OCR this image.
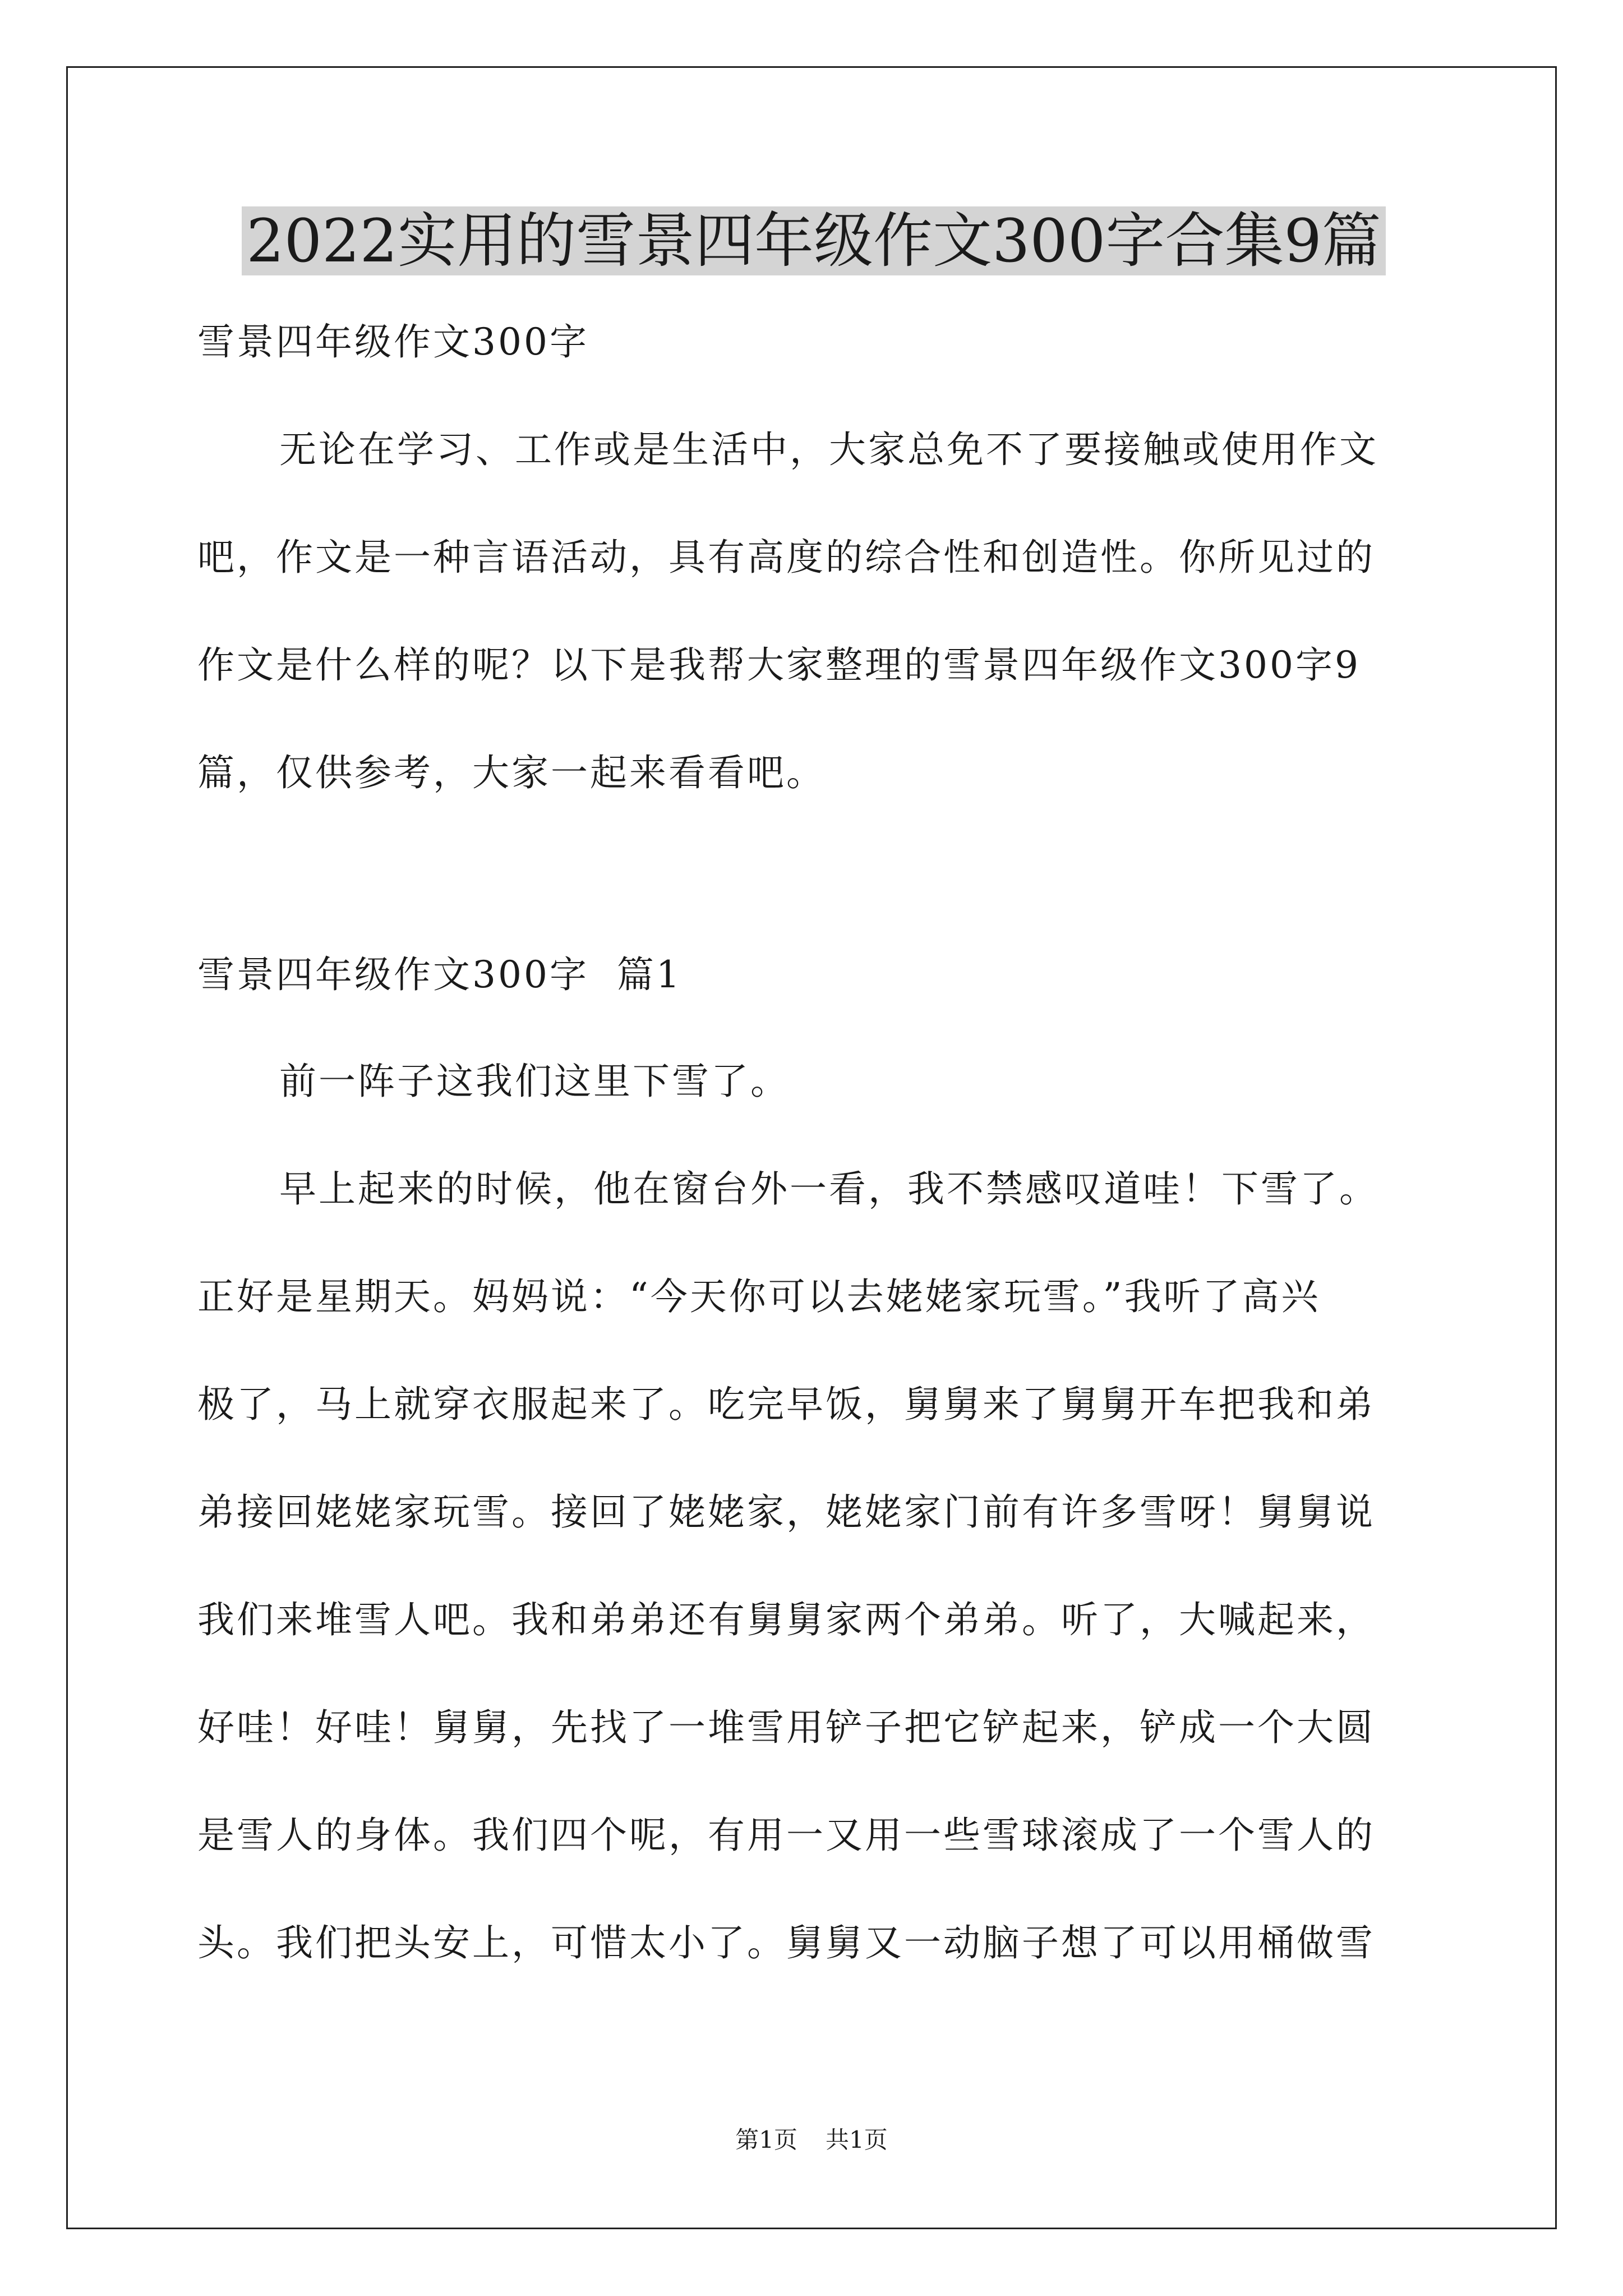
2022实用的雪景四年级作文300字合集9篇
雪景四年级作文300字
无论在学习、工作或是生活中，大家总免不了要接触或使用作文
吧，作文是一种言语活动，具有高度的综合性和创造性。你所见过的
作文是什么样的呢？以下是我帮大家整理的雪景四年级作文300字9
篇，仅供参考，大家一起来看看吧。
雪景四年级作文300字  篇1
前一阵子这我们这里下雪了。
早上起来的时候，他在窗台外一看，我不禁感叹道哇！下雪了。
正好是星期天。妈妈说：“今天你可以去姥姥家玩雪。”我听了高兴
极了，马上就穿衣服起来了。吃完早饭，舅舅来了舅舅开车把我和弟
弟接回姥姥家玩雪。接回了姥姥家，姥姥家门前有许多雪呀！舅舅说
我们来堆雪人吧。我和弟弟还有舅舅家两个弟弟。听了，大喊起来，
好哇！好哇！舅舅，先找了一堆雪用铲子把它铲起来，铲成一个大圆
是雪人的身体。我们四个呢，有用一又用一些雪球滚成了一个雪人的
头。我们把头安上，可惜太小了。舅舅又一动脑子想了可以用桶做雪
第1页 共1页
